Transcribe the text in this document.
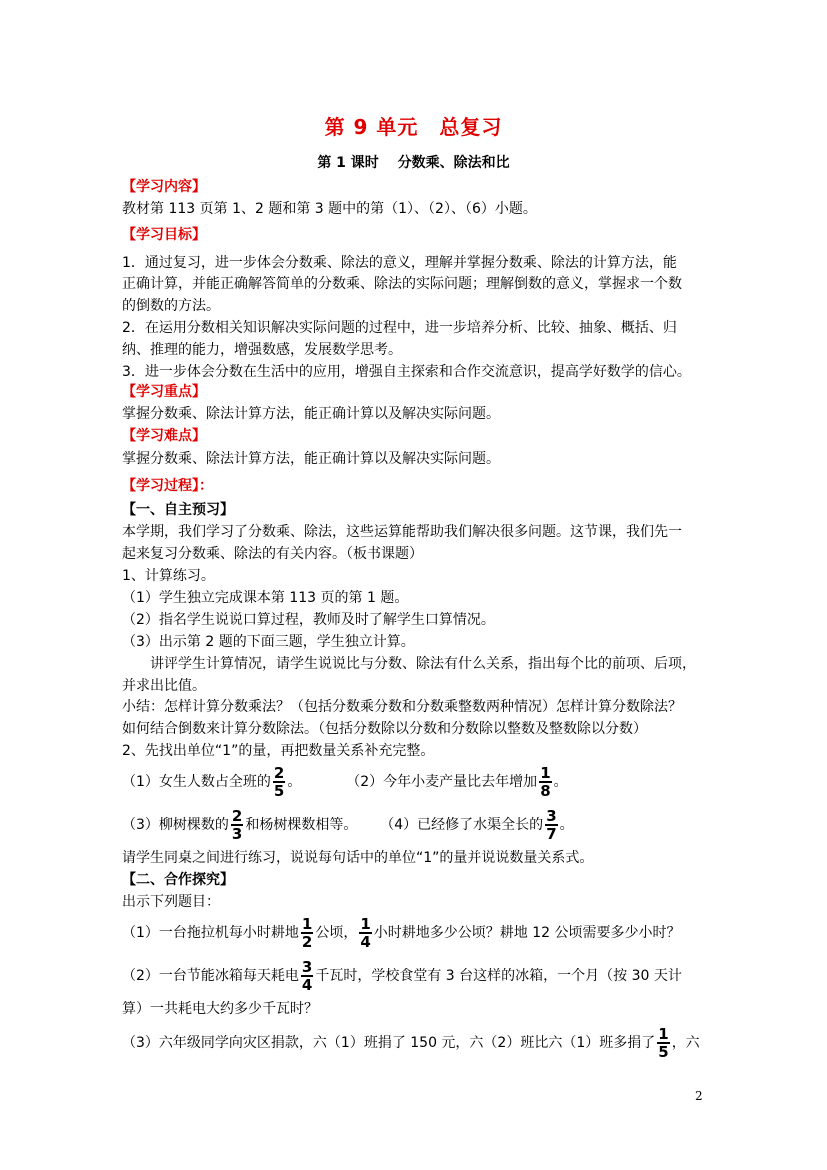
第 9 单元　总复习
第 1 课时　 分数乘、除法和比
【学习内容】
教材第 113 页第 1、2 题和第 3 题中的第（1）、（2）、（6）小题。
【学习目标】
1．通过复习，进一步体会分数乘、除法的意义，理解并掌握分数乘、除法的计算方法，能
正确计算，并能正确解答简单的分数乘、除法的实际问题；理解倒数的意义，掌握求一个数
的倒数的方法。
2．在运用分数相关知识解决实际问题的过程中，进一步培养分析、比较、抽象、概括、归
纳、推理的能力，增强数感，发展数学思考。
3．进一步体会分数在生活中的应用，增强自主探索和合作交流意识，提高学好数学的信心。
【学习重点】
掌握分数乘、除法计算方法，能正确计算以及解决实际问题。
【学习难点】
掌握分数乘、除法计算方法，能正确计算以及解决实际问题。
【学习过程】：
【一、自主预习】
本学期，我们学习了分数乘、除法，这些运算能帮助我们解决很多问题。这节课，我们先一
起来复习分数乘、除法的有关内容。（板书课题）
1、计算练习。
（1）学生独立完成课本第 113 页的第 1 题。
（2）指名学生说说口算过程，教师及时了解学生口算情况。
（3）出示第 2 题的下面三题，学生独立计算。
讲评学生计算情况，请学生说说比与分数、除法有什么关系，指出每个比的前项、后项，
并求出比值。
小结：怎样计算分数乘法？（包括分数乘分数和分数乘整数两种情况）怎样计算分数除法？
如何结合倒数来计算分数除法。（包括分数除以分数和分数除以整数及整数除以分数）
2、先找出单位“1”的量，再把数量关系补充完整。
（1）女生人数占全班的 $\frac{2}{5}$ 。	（2）今年小麦产量比去年增加 $\frac{1}{8}$ 。
（3）柳树棵数的 $\frac{2}{3}$ 和杨树棵数相等。 （4）已经修了水渠全长的 $\frac{3}{7}$ 。
请学生同桌之间进行练习，说说每句话中的单位“1”的量并说说数量关系式。
【二、合作探究】
出示下列题目：
（1）一台拖拉机每小时耕地 $\frac{1}{2}$ 公顷， $\frac{1}{4}$ 小时耕地多少公顷？耕地 12 公顷需要多少小时？
（2）一台节能冰箱每天耗电 $\frac{3}{4}$ 千瓦时，学校食堂有 3 台这样的冰箱，一个月（按 30 天计
算）一共耗电大约多少千瓦时？
（3）六年级同学向灾区捐款，六（1）班捐了 150 元，六（2）班比六（1）班多捐了 $\frac{1}{5}$ ，六
2
